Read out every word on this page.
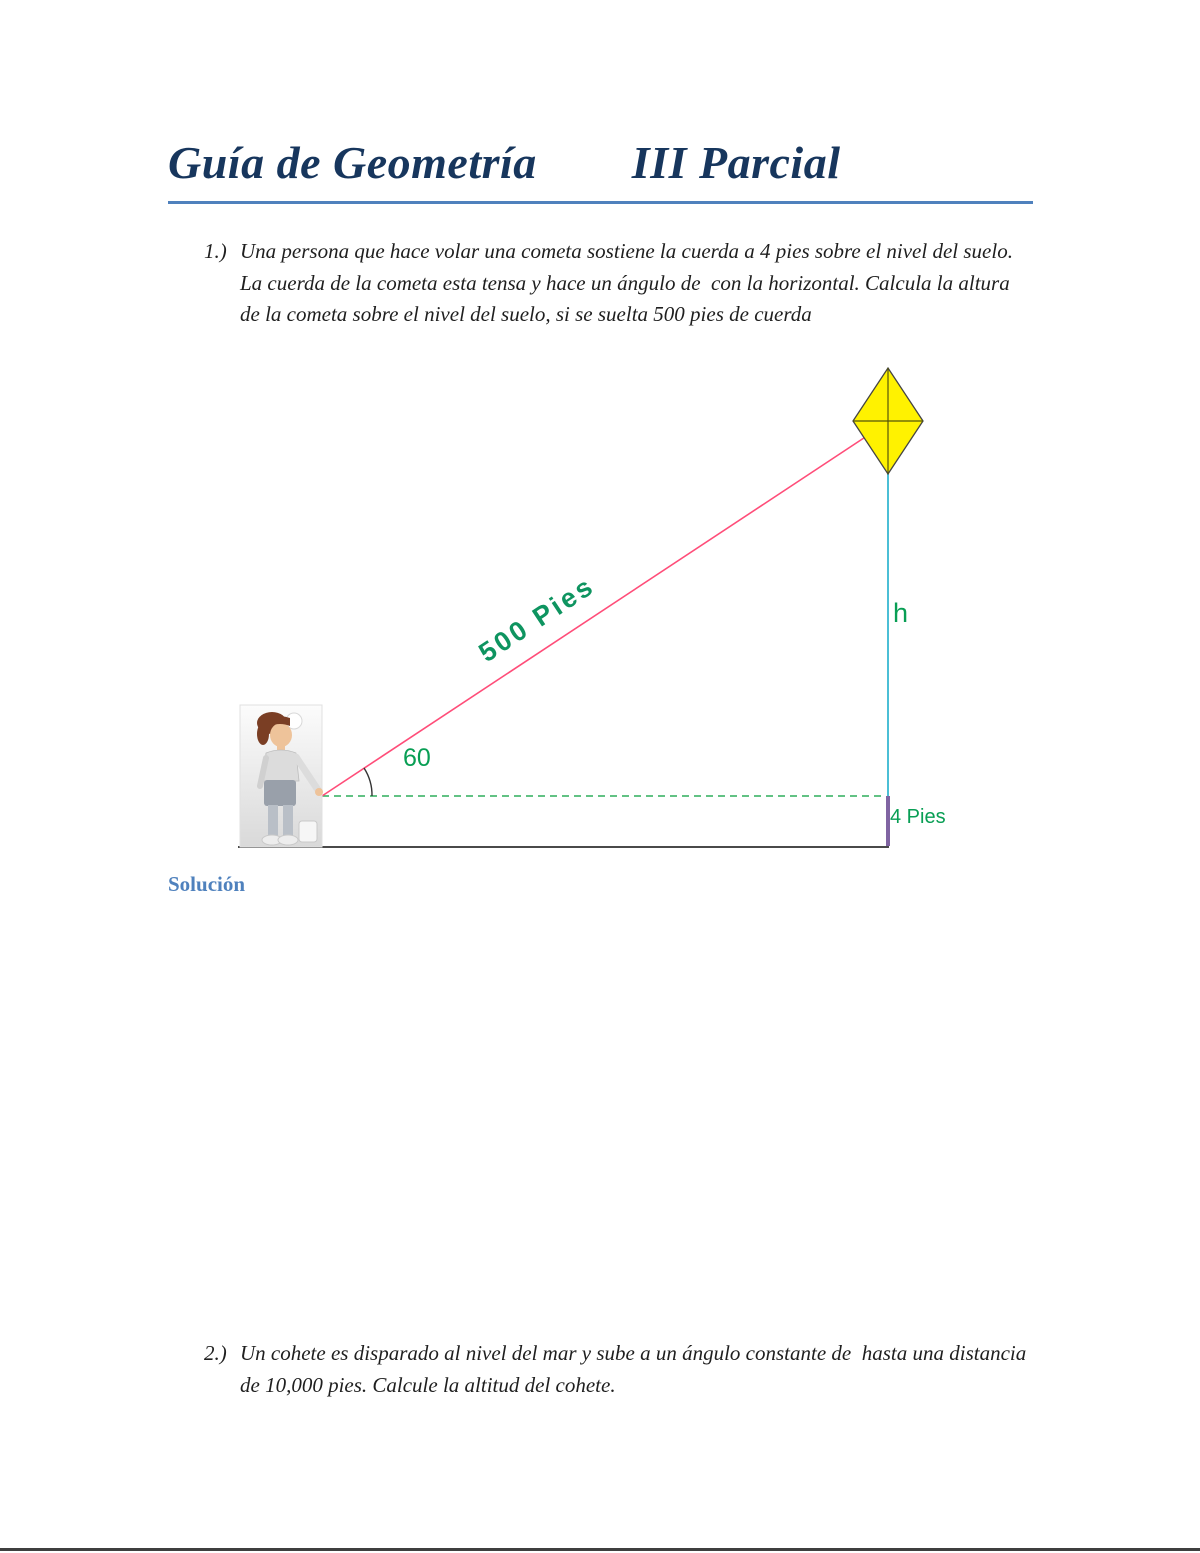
Guía de Geometría III Parcial
1.) Una persona que hace volar una cometa sostiene la cuerda a 4 pies sobre el nivel del suelo. La cuerda de la cometa esta tensa y hace un ángulo de  con la horizontal. Calcula la altura de la cometa sobre el nivel del suelo, si se suelta 500 pies de cuerda

500 Pies
60
h
4 Pies
Solución
2.) Un cohete es disparado al nivel del mar y sube a un ángulo constante de  hasta una distancia de 10,000 pies. Calcule la altitud del cohete.
